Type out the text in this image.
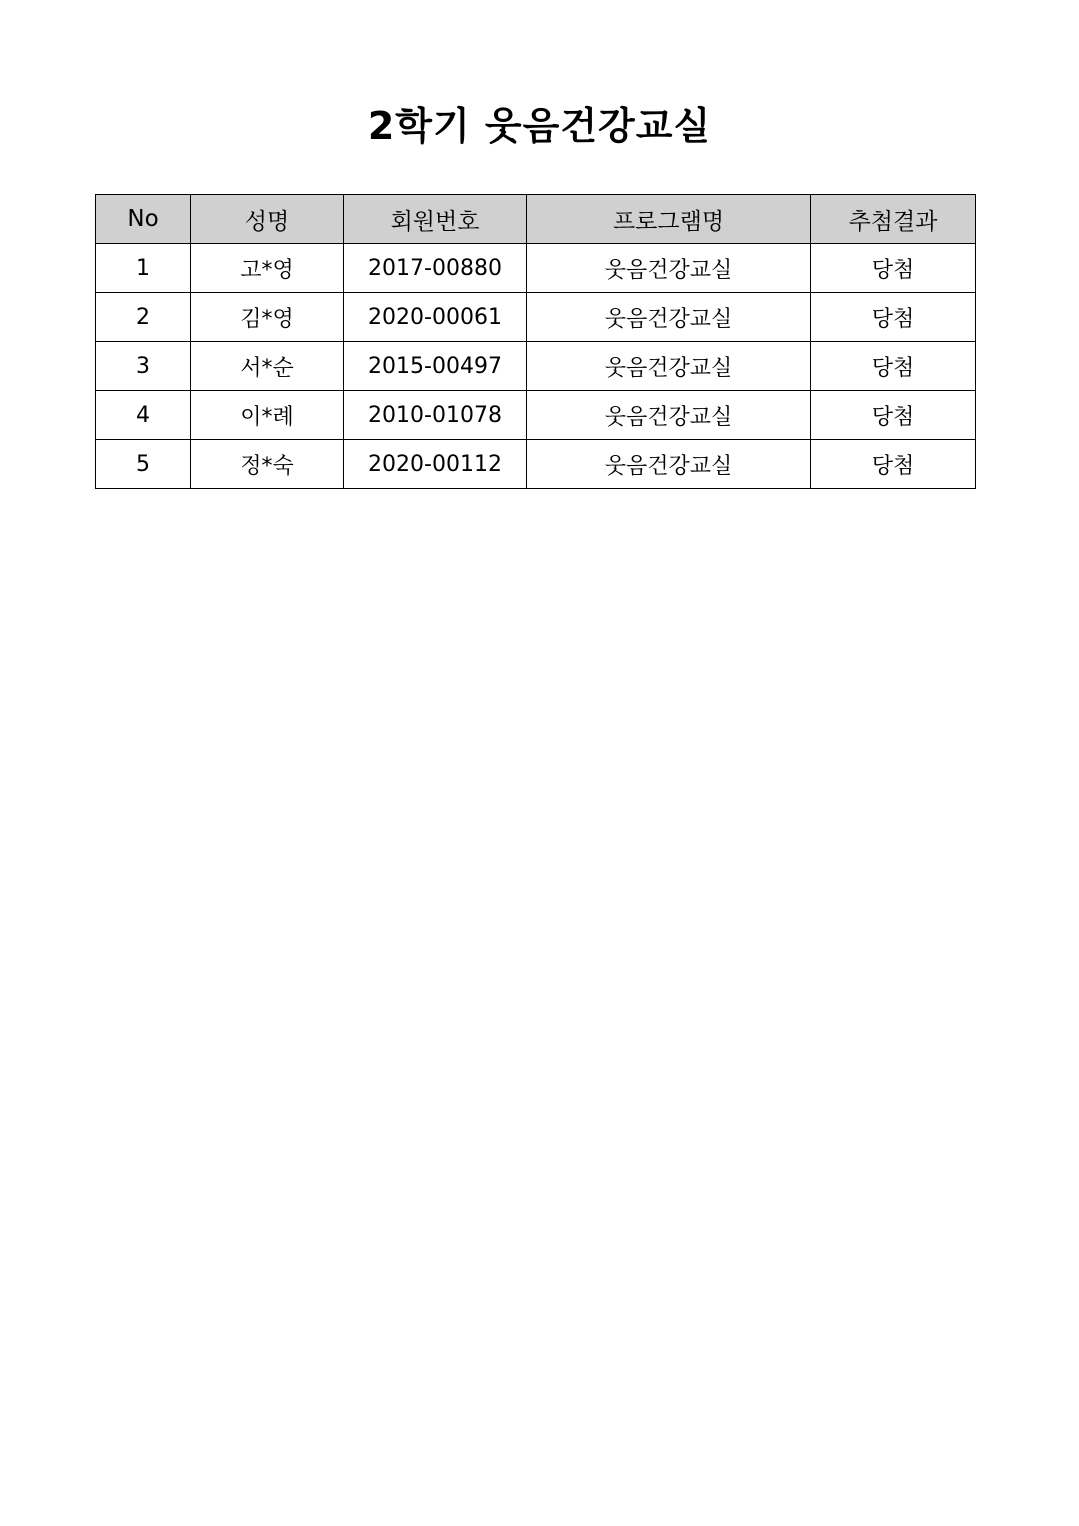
2학기 웃음건강교실
No	성명	회원번호	프로그램명	추첨결과
1	고*영	2017-00880	웃음건강교실	당첨
2	김*영	2020-00061	웃음건강교실	당첨
3	서*순	2015-00497	웃음건강교실	당첨
4	이*례	2010-01078	웃음건강교실	당첨
5	정*숙	2020-00112	웃음건강교실	당첨
